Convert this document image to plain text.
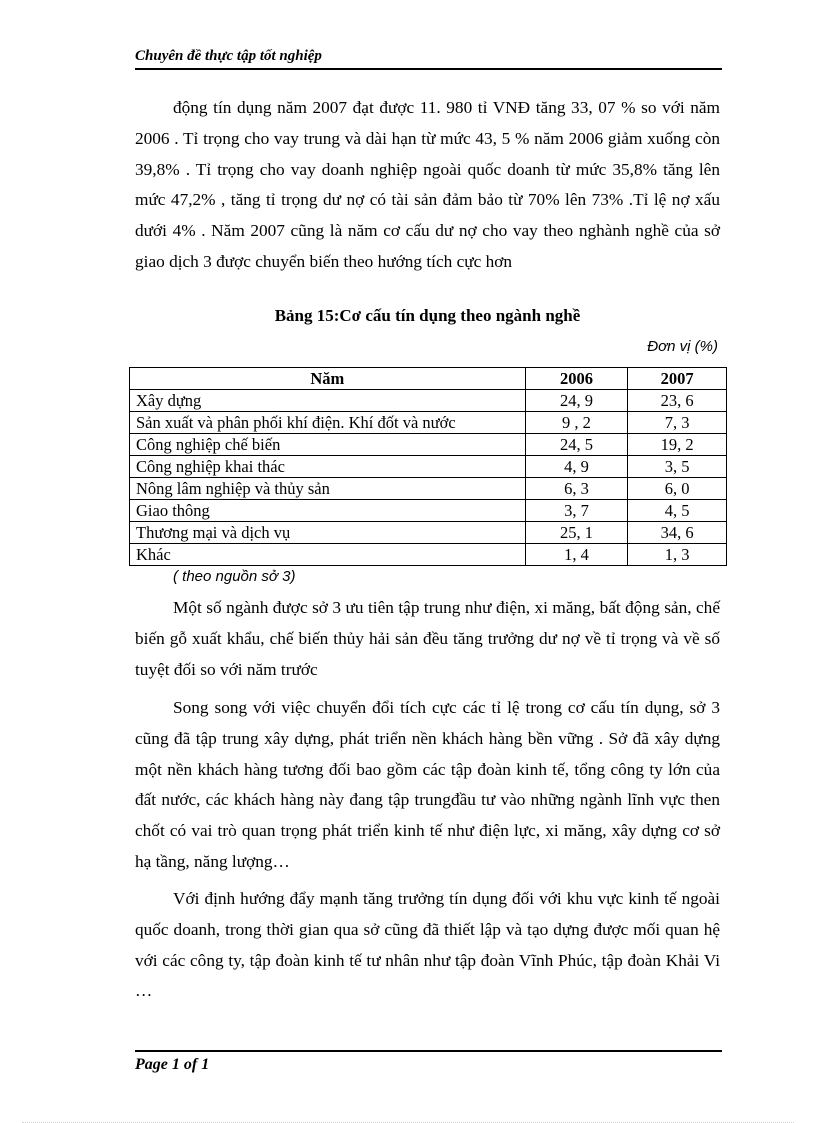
Chuyên đề thực tập tốt nghiệp

động tín dụng năm 2007 đạt được 11. 980 tỉ VNĐ tăng 33, 07 % so với năm 2006 . Tỉ trọng cho vay trung và dài hạn từ mức 43, 5 % năm 2006 giảm xuống còn 39,8% . Tỉ trọng cho vay doanh nghiệp ngoài quốc doanh từ mức 35,8% tăng lên mức 47,2% , tăng tỉ trọng dư nợ có tài sản đảm bảo từ 70% lên 73% .Tỉ lệ nợ xấu dưới 4% . Năm 2007 cũng là năm cơ cấu dư nợ cho vay theo nghành nghề của sở giao dịch 3 được chuyển biến theo hướng tích cực hơn

Bảng 15:Cơ cấu tín dụng theo ngành nghề
Đơn vị (%)
Năm	2006	2007
Xây dựng	24, 9	23, 6
Sản xuất và phân phối khí điện. Khí đốt và nước	9 , 2	7, 3
Công nghiệp chế biến	24, 5	19, 2
Công nghiệp khai thác	4, 9	3, 5
Nông lâm nghiệp và thủy sản	6, 3	6, 0
Giao thông	3, 7	4, 5
Thương mại và dịch vụ	25, 1	34, 6
Khác	1, 4	1, 3
( theo nguồn sở 3)

Một số ngành được sở 3 ưu tiên tập trung như điện, xi măng, bất động sản, chế biến gỗ xuất khẩu, chế biến thủy hải sản đều tăng trưởng dư nợ về tỉ trọng và về số tuyệt đối so với năm trước

Song song với việc chuyển đổi tích cực các tỉ lệ trong cơ cấu tín dụng, sở 3 cũng đã tập trung xây dựng, phát triển nền khách hàng bền vững . Sở đã xây dựng một nền khách hàng tương đối bao gồm các tập đoàn kinh tế, tổng công ty lớn của đất nước, các khách hàng này đang tập trungđầu tư vào những ngành lĩnh vực then chốt có vai trò quan trọng phát triển kinh tế như điện lực, xi măng, xây dựng cơ sở hạ tầng, năng lượng…

Với định hướng đẩy mạnh tăng trưởng tín dụng đối với khu vực kinh tế ngoài quốc doanh, trong thời gian qua sở cũng đã thiết lập và tạo dựng được mối quan hệ với các công ty, tập đoàn kinh tế tư nhân như tập đoàn Vĩnh Phúc, tập đoàn Khải Vi …

Page 1 of 1
